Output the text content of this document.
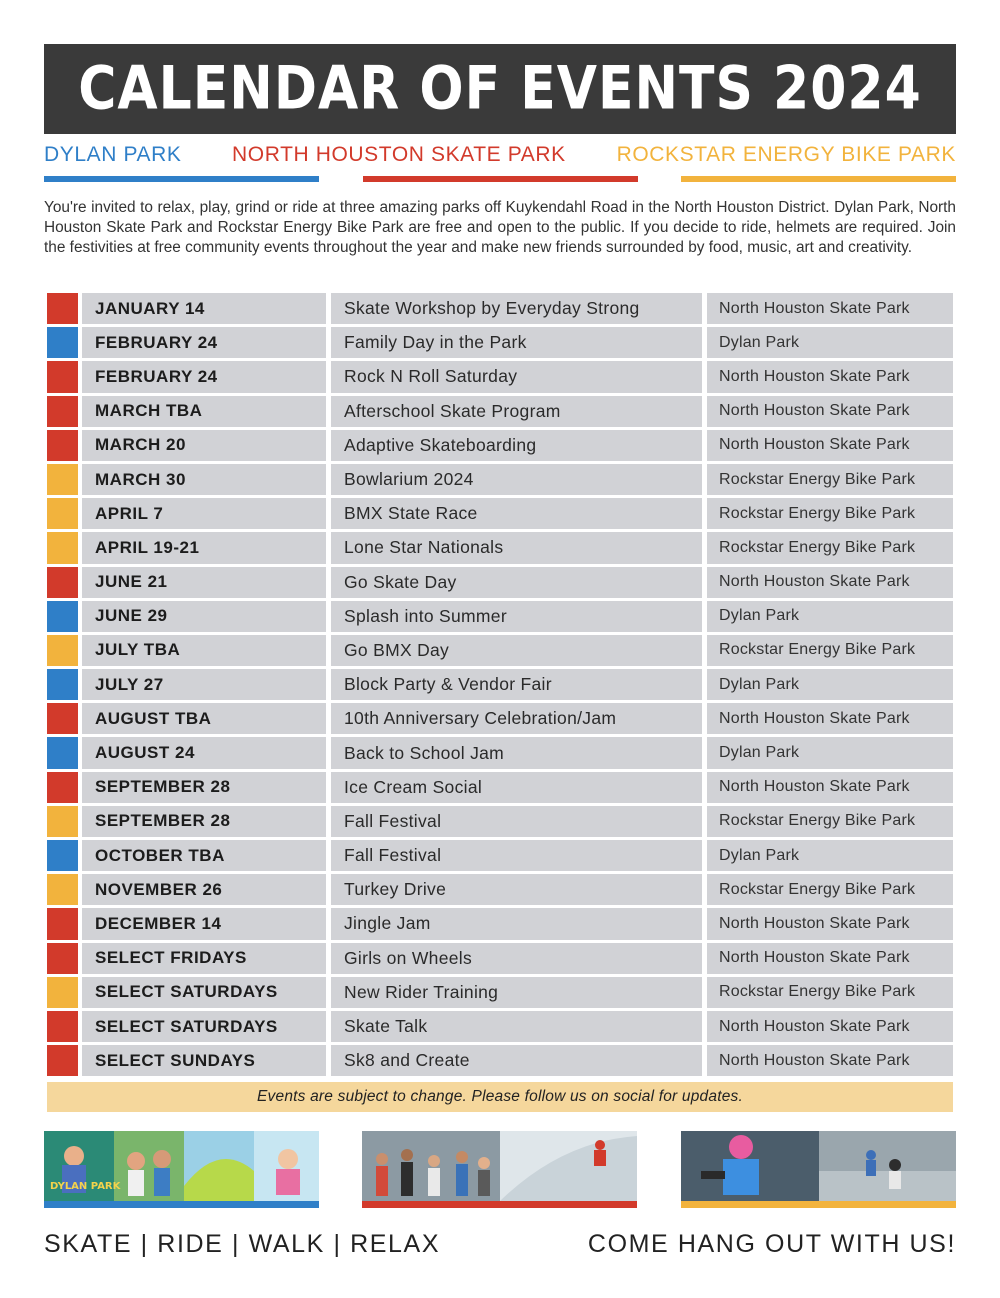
CALENDAR OF EVENTS 2024
DYLAN PARK NORTH HOUSTON SKATE PARK ROCKSTAR ENERGY BIKE PARK

You're invited to relax, play, grind or ride at three amazing parks off Kuykendahl Road in the North Houston District. Dylan Park, North Houston Skate Park and Rockstar Energy Bike Park are free and open to the public. If you decide to ride, helmets are required. Join the festivities at free community events throughout the year and make new friends surrounded by food, music, art and creativity.

JANUARY 14	Skate Workshop by Everyday Strong	North Houston Skate Park
FEBRUARY 24	Family Day in the Park	Dylan Park
FEBRUARY 24	Rock N Roll Saturday	North Houston Skate Park
MARCH TBA	Afterschool Skate Program	North Houston Skate Park
MARCH 20	Adaptive Skateboarding	North Houston Skate Park
MARCH 30	Bowlarium 2024	Rockstar Energy Bike Park
APRIL 7	BMX State Race	Rockstar Energy Bike Park
APRIL 19-21	Lone Star Nationals	Rockstar Energy Bike Park
JUNE 21	Go Skate Day	North Houston Skate Park
JUNE 29	Splash into Summer	Dylan Park
JULY TBA	Go BMX Day	Rockstar Energy Bike Park
JULY 27	Block Party & Vendor Fair	Dylan Park
AUGUST TBA	10th Anniversary Celebration/Jam	North Houston Skate Park
AUGUST 24	Back to School Jam	Dylan Park
SEPTEMBER 28	Ice Cream Social	North Houston Skate Park
SEPTEMBER 28	Fall Festival	Rockstar Energy Bike Park
OCTOBER TBA	Fall Festival	Dylan Park
NOVEMBER 26	Turkey Drive	Rockstar Energy Bike Park
DECEMBER 14	Jingle Jam	North Houston Skate Park
SELECT FRIDAYS	Girls on Wheels	North Houston Skate Park
SELECT SATURDAYS	New Rider Training	Rockstar Energy Bike Park
SELECT SATURDAYS	Skate Talk	North Houston Skate Park
SELECT SUNDAYS	Sk8 and Create	North Houston Skate Park
Events are subject to change. Please follow us on social for updates.
DYLAN PARK
SKATE | RIDE | WALK | RELAX	COME HANG OUT WITH US!
